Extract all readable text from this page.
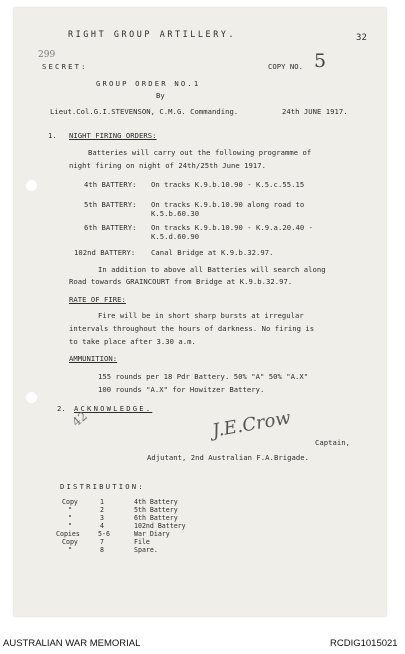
299
RIGHT GROUP ARTILLERY.	32
SECRET:	COPY NO. 5
GROUP ORDER NO.1
By
Lieut.Col.G.I.STEVENSON, C.M.G. Commanding.	24th JUNE 1917.
1. NIGHT FIRING ORDERS:
Batteries will carry out the following programme of
night firing on night of 24th/25th June 1917.
4th BATTERY: On tracks K.9.b.10.90 - K.5.c.55.15
5th BATTERY: On tracks K.9.b.10.90 along road to
K.5.b.60.30
6th BATTERY: On tracks K.9.b.10.90 - K.9.a.20.40 -
K.5.d.60.90
102nd BATTERY: Canal Bridge at K.9.b.32.97.
In addition to above all Batteries will search along
Road towards GRAINCOURT from Bridge at K.9.b.32.97.
RATE OF FIRE:
Fire will be in short sharp bursts at irregular
intervals throughout the hours of darkness. No firing is
to take place after 3.30 a.m.
AMMUNITION:
155 rounds per 18 Pdr Battery. 50% "A" 50% "A.X"
100 rounds "A.X" for Howitzer Battery.
2. ACKNOWLEDGE.
42	J.E.Crow
Captain,
Adjutant, 2nd Australian F.A.Brigade.
DISTRIBUTION:
Copy	1	4th Battery
"	2	5th Battery
"	3	6th Battery
"	4	102nd Battery
Copies	5-6	War Diary
Copy	7	File
"	8	Spare.
AUSTRALIAN WAR MEMORIAL	RCDIG1015021
